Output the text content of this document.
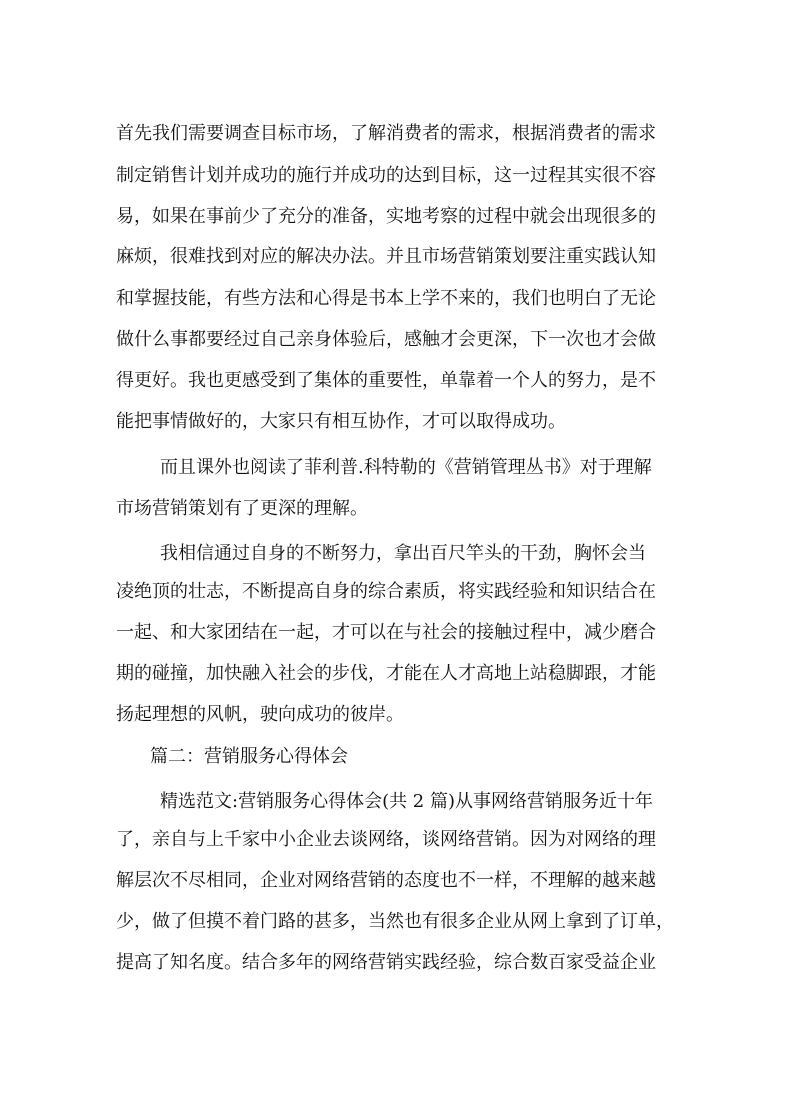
首先我们需要调查目标市场，了解消费者的需求，根据消费者的需求
制定销售计划并成功的施行并成功的达到目标，这一过程其实很不容
易，如果在事前少了充分的准备，实地考察的过程中就会出现很多的
麻烦，很难找到对应的解决办法。并且市场营销策划要注重实践认知
和掌握技能，有些方法和心得是书本上学不来的，我们也明白了无论
做什么事都要经过自己亲身体验后，感触才会更深，下一次也才会做
得更好。我也更感受到了集体的重要性，单靠着一个人的努力，是不
能把事情做好的，大家只有相互协作，才可以取得成功。
而且课外也阅读了菲利普.科特勒的《营销管理丛书》对于理解
市场营销策划有了更深的理解。
我相信通过自身的不断努力，拿出百尺竿头的干劲，胸怀会当
凌绝顶的壮志，不断提高自身的综合素质，将实践经验和知识结合在
一起、和大家团结在一起，才可以在与社会的接触过程中，减少磨合
期的碰撞，加快融入社会的步伐，才能在人才高地上站稳脚跟，才能
扬起理想的风帆，驶向成功的彼岸。
篇二：营销服务心得体会
精选范文:营销服务心得体会(共 2 篇)从事网络营销服务近十年
了，亲自与上千家中小企业去谈网络，谈网络营销。因为对网络的理
解层次不尽相同，企业对网络营销的态度也不一样，不理解的越来越
少，做了但摸不着门路的甚多，当然也有很多企业从网上拿到了订单，
提高了知名度。结合多年的网络营销实践经验，综合数百家受益企业
